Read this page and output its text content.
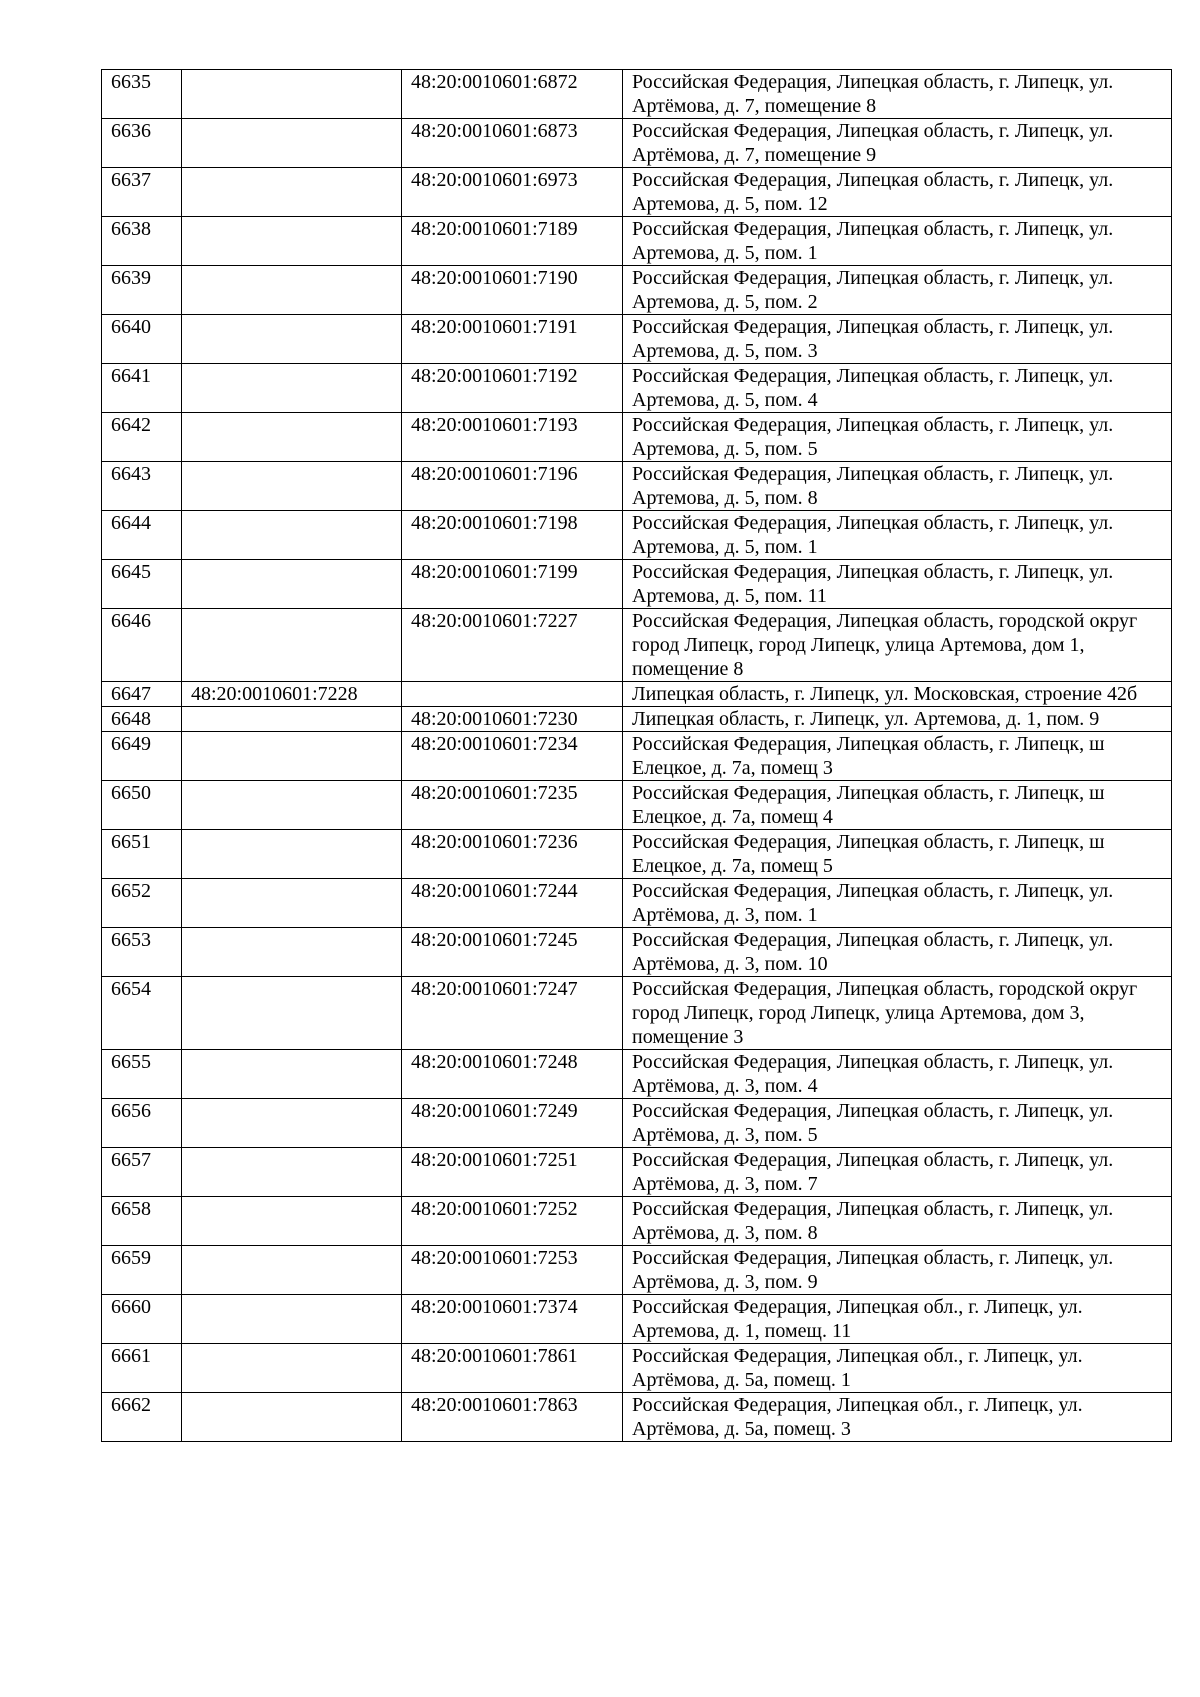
6635		48:20:0010601:6872	Российская Федерация, Липецкая область, г. Липецк, ул. Артёмова, д. 7, помещение 8
6636		48:20:0010601:6873	Российская Федерация, Липецкая область, г. Липецк, ул. Артёмова, д. 7, помещение 9
6637		48:20:0010601:6973	Российская Федерация, Липецкая область, г. Липецк, ул. Артемова, д. 5, пом. 12
6638		48:20:0010601:7189	Российская Федерация, Липецкая область, г. Липецк, ул. Артемова, д. 5, пом. 1
6639		48:20:0010601:7190	Российская Федерация, Липецкая область, г. Липецк, ул. Артемова, д. 5, пом. 2
6640		48:20:0010601:7191	Российская Федерация, Липецкая область, г. Липецк, ул. Артемова, д. 5, пом. 3
6641		48:20:0010601:7192	Российская Федерация, Липецкая область, г. Липецк, ул. Артемова, д. 5, пом. 4
6642		48:20:0010601:7193	Российская Федерация, Липецкая область, г. Липецк, ул. Артемова, д. 5, пом. 5
6643		48:20:0010601:7196	Российская Федерация, Липецкая область, г. Липецк, ул. Артемова, д. 5, пом. 8
6644		48:20:0010601:7198	Российская Федерация, Липецкая область, г. Липецк, ул. Артемова, д. 5, пом. 1
6645		48:20:0010601:7199	Российская Федерация, Липецкая область, г. Липецк, ул. Артемова, д. 5, пом. 11
6646		48:20:0010601:7227	Российская Федерация, Липецкая область, городской округ город Липецк, город Липецк, улица Артемова, дом 1, помещение 8
6647	48:20:0010601:7228		Липецкая область, г. Липецк, ул. Московская, строение 42б
6648		48:20:0010601:7230	Липецкая область, г. Липецк, ул. Артемова, д. 1, пом. 9
6649		48:20:0010601:7234	Российская Федерация, Липецкая область, г. Липецк, ш Елецкое, д. 7а, помещ 3
6650		48:20:0010601:7235	Российская Федерация, Липецкая область, г. Липецк, ш Елецкое, д. 7а, помещ 4
6651		48:20:0010601:7236	Российская Федерация, Липецкая область, г. Липецк, ш Елецкое, д. 7а, помещ 5
6652		48:20:0010601:7244	Российская Федерация, Липецкая область, г. Липецк, ул. Артёмова, д. 3, пом. 1
6653		48:20:0010601:7245	Российская Федерация, Липецкая область, г. Липецк, ул. Артёмова, д. 3, пом. 10
6654		48:20:0010601:7247	Российская Федерация, Липецкая область, городской округ город Липецк, город Липецк, улица Артемова, дом 3, помещение 3
6655		48:20:0010601:7248	Российская Федерация, Липецкая область, г. Липецк, ул. Артёмова, д. 3, пом. 4
6656		48:20:0010601:7249	Российская Федерация, Липецкая область, г. Липецк, ул. Артёмова, д. 3, пом. 5
6657		48:20:0010601:7251	Российская Федерация, Липецкая область, г. Липецк, ул. Артёмова, д. 3, пом. 7
6658		48:20:0010601:7252	Российская Федерация, Липецкая область, г. Липецк, ул. Артёмова, д. 3, пом. 8
6659		48:20:0010601:7253	Российская Федерация, Липецкая область, г. Липецк, ул. Артёмова, д. 3, пом. 9
6660		48:20:0010601:7374	Российская Федерация, Липецкая обл., г. Липецк, ул. Артемова, д. 1, помещ. 11
6661		48:20:0010601:7861	Российская Федерация, Липецкая обл., г. Липецк, ул. Артёмова, д. 5а, помещ. 1
6662		48:20:0010601:7863	Российская Федерация, Липецкая обл., г. Липецк, ул. Артёмова, д. 5а, помещ. 3
